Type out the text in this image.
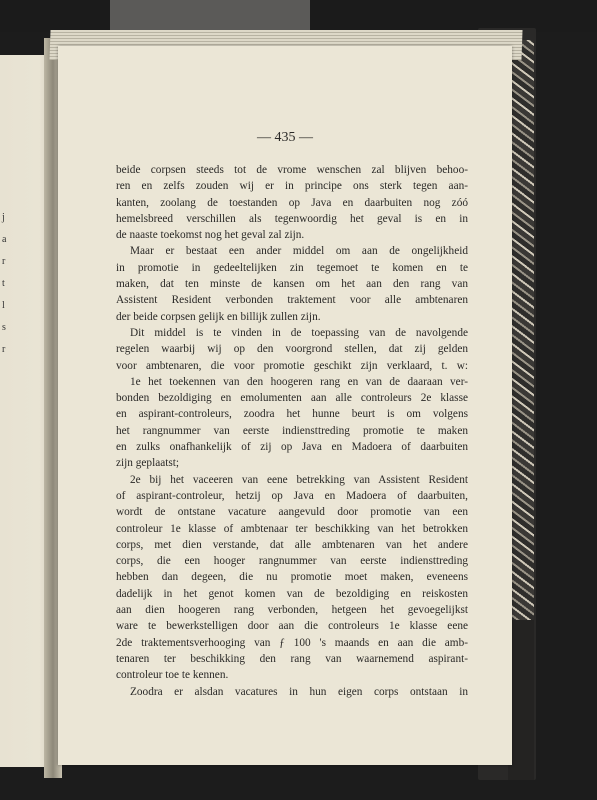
j
a
r
t
l
s
r
— 435 —
beide corpsen steeds tot de vrome wenschen zal blijven behoo-
ren en zelfs zouden wij er in principe ons sterk tegen aan-
kanten, zoolang de toestanden op Java en daarbuiten nog zóó
hemelsbreed verschillen als tegenwoordig het geval is en in
de naaste toekomst nog het geval zal zijn.
Maar er bestaat een ander middel om aan de ongelijkheid
in promotie in gedeeltelijken zin tegemoet te komen en te
maken, dat ten minste de kansen om het aan den rang van
Assistent Resident verbonden traktement voor alle ambtenaren
der beide corpsen gelijk en billijk zullen zijn.
Dit middel is te vinden in de toepassing van de navolgende
regelen waarbij wij op den voorgrond stellen, dat zij gelden
voor ambtenaren, die voor promotie geschikt zijn verklaard, t. w:
1e het toekennen van den hoogeren rang en van de daaraan ver-
bonden bezoldiging en emolumenten aan alle controleurs 2e klasse
en aspirant-controleurs, zoodra het hunne beurt is om volgens
het rangnummer van eerste indiensttreding promotie te maken
en zulks onafhankelijk of zij op Java en Madoera of daarbuiten
zijn geplaatst;
2e bij het vaceeren van eene betrekking van Assistent Resident
of aspirant-controleur, hetzij op Java en Madoera of daarbuiten,
wordt de ontstane vacature aangevuld door promotie van een
controleur 1e klasse of ambtenaar ter beschikking van het betrokken
corps, met dien verstande, dat alle ambtenaren van het andere
corps, die een hooger rangnummer van eerste indiensttreding
hebben dan degeen, die nu promotie moet maken, eveneens
dadelijk in het genot komen van de bezoldiging en reiskosten
aan dien hoogeren rang verbonden, hetgeen het gevoegelijkst
ware te bewerkstelligen door aan die controleurs 1e klasse eene
2de traktementsverhooging van ƒ 100 's maands en aan die amb-
tenaren ter beschikking den rang van waarnemend aspirant-
controleur toe te kennen.
Zoodra er alsdan vacatures in hun eigen corps ontstaan in
